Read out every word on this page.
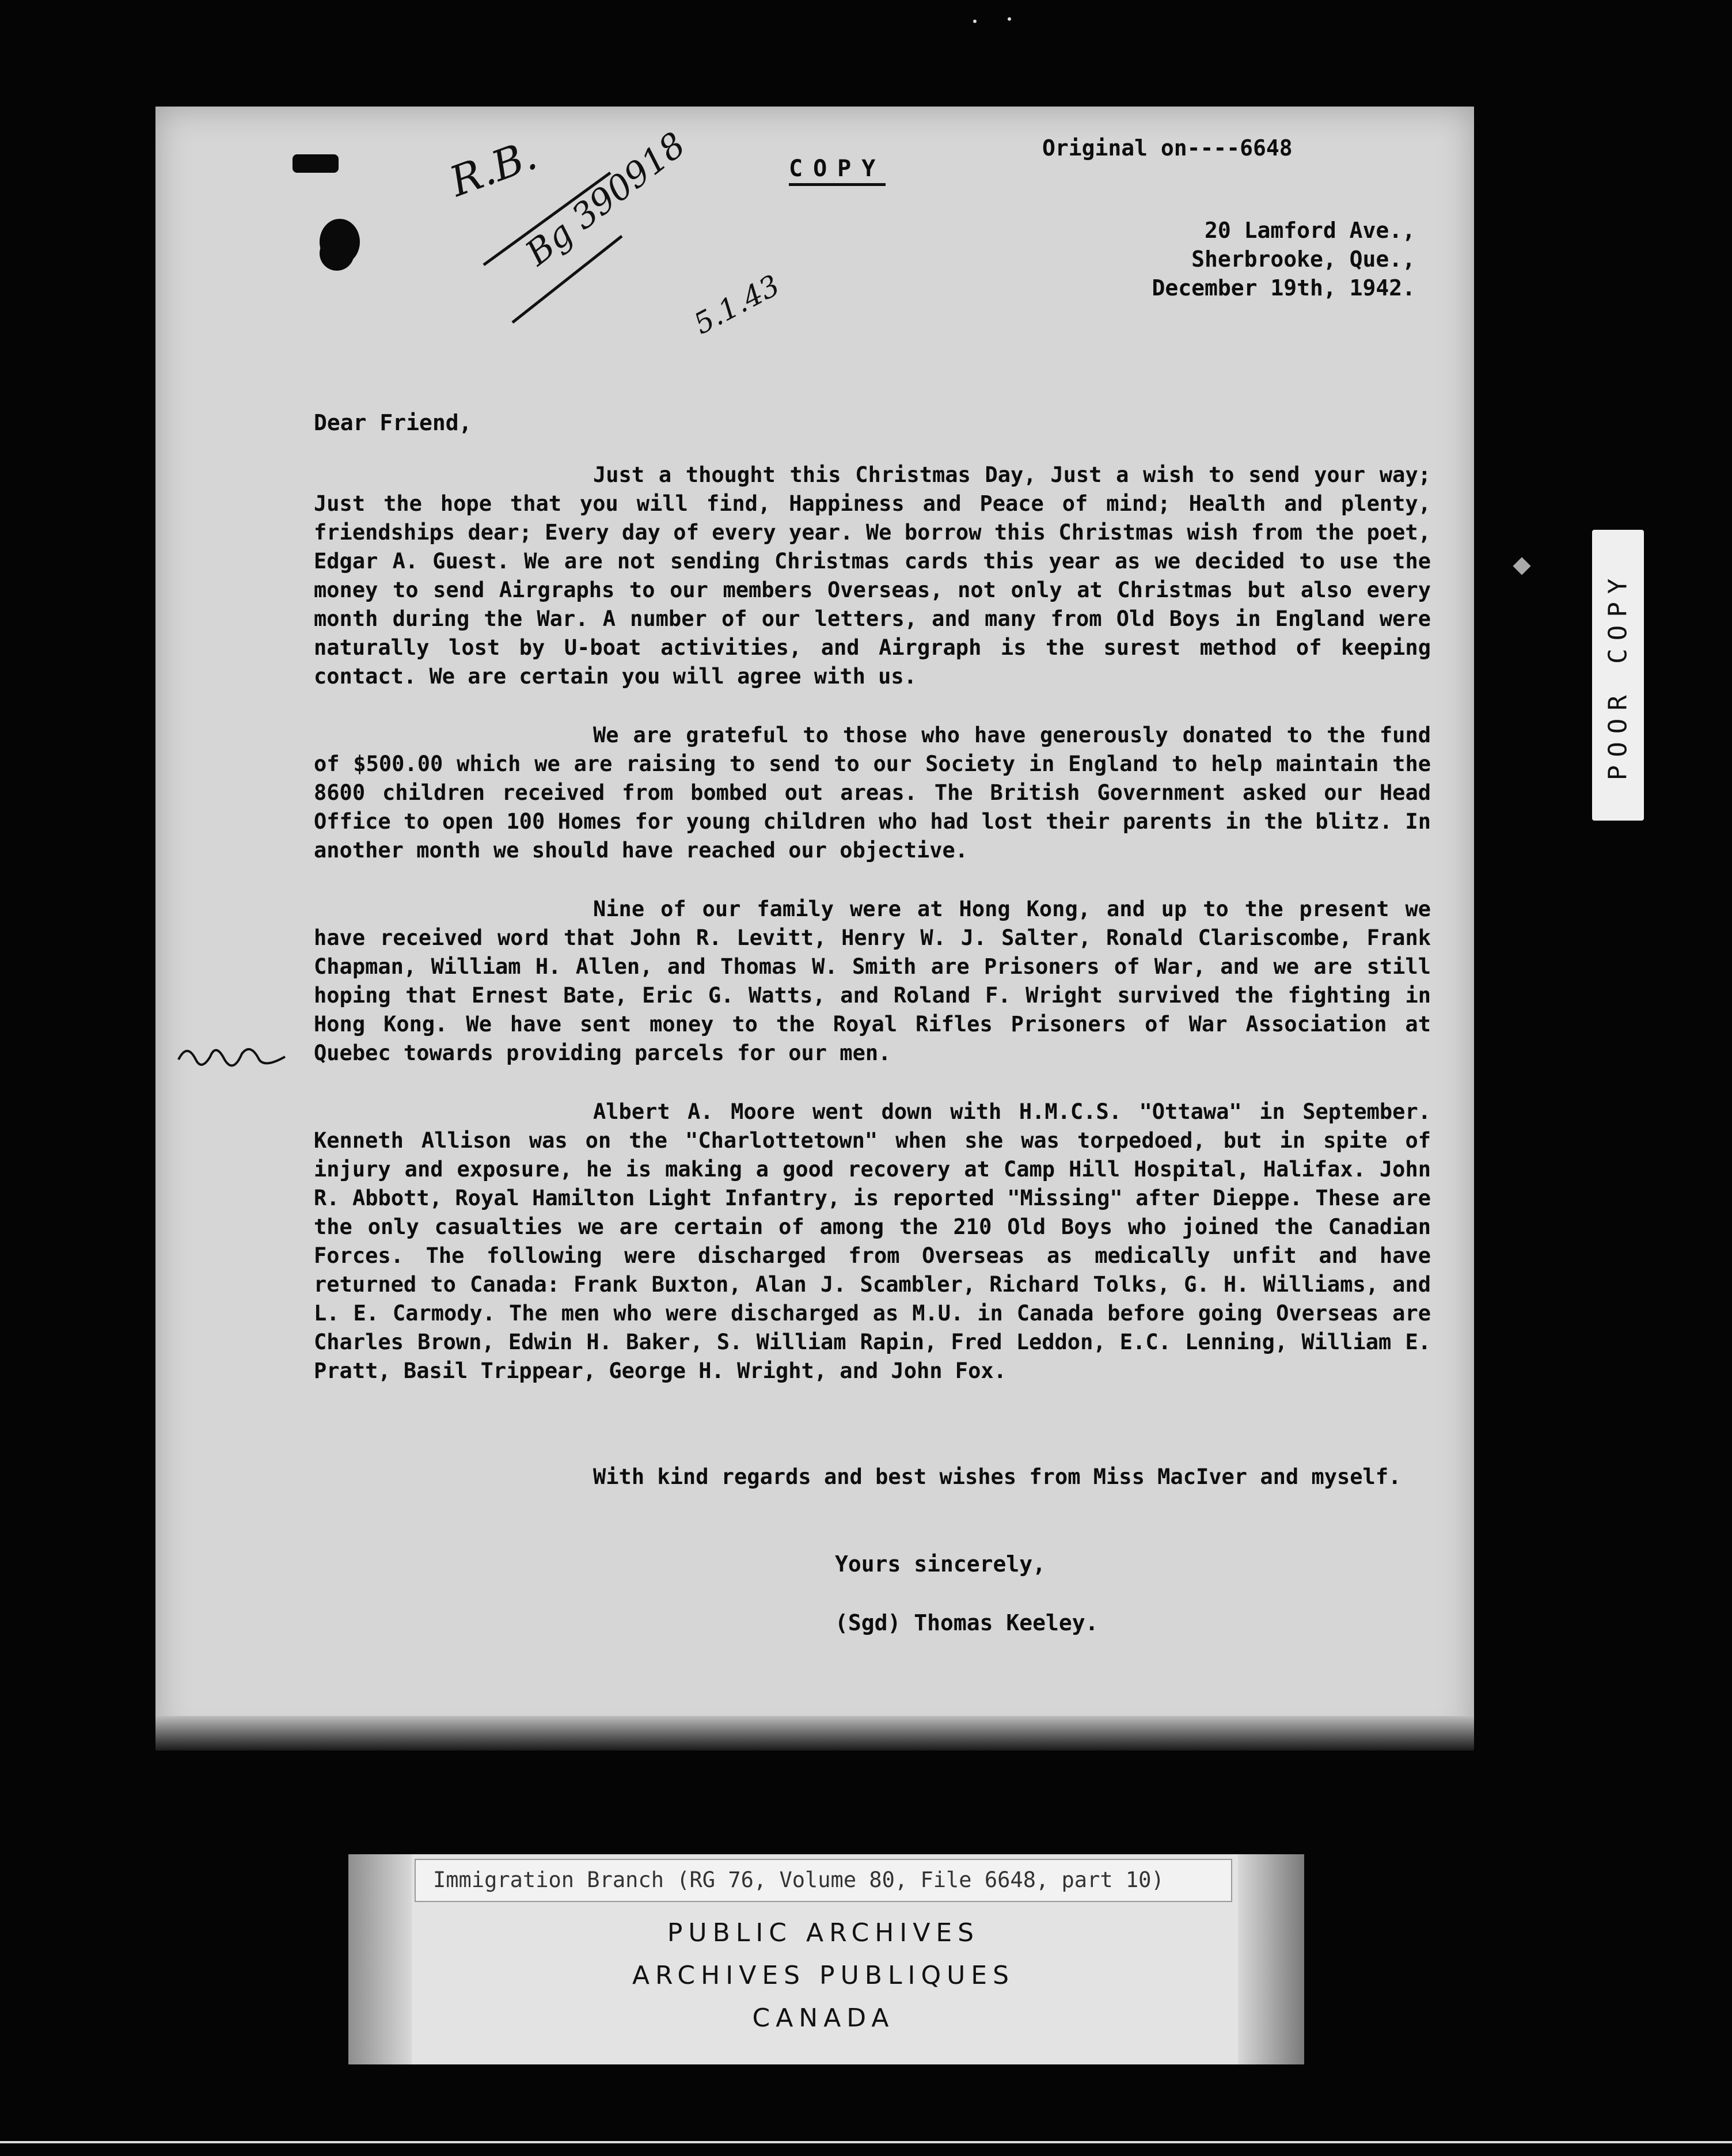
Original on----6648
COPY
20 Lamford Ave.,
Sherbrooke, Que.,
December 19th, 1942.
R.B.
Bg 390918
5.1.43
Dear Friend,

Just a thought this Christmas Day, Just a wish to send your way; Just the hope that you will find, Happiness and Peace of mind; Health and plenty, friendships dear; Every day of every year. We borrow this Christmas wish from the poet, Edgar A. Guest. We are not sending Christmas cards this year as we decided to use the money to send Airgraphs to our members Overseas, not only at Christmas but also every month during the War. A number of our letters, and many from Old Boys in England were naturally lost by U-boat activities, and Airgraph is the surest method of keeping contact. We are certain you will agree with us.

We are grateful to those who have generously donated to the fund of $500.00 which we are raising to send to our Society in England to help maintain the 8600 children received from bombed out areas. The British Government asked our Head Office to open 100 Homes for young children who had lost their parents in the blitz. In another month we should have reached our objective.

Nine of our family were at Hong Kong, and up to the present we have received word that John R. Levitt, Henry W. J. Salter, Ronald Clariscombe, Frank Chapman, William H. Allen, and Thomas W. Smith are Prisoners of War, and we are still hoping that Ernest Bate, Eric G. Watts, and Roland F. Wright survived the fighting in Hong Kong. We have sent money to the Royal Rifles Prisoners of War Association at Quebec towards providing parcels for our men.

Albert A. Moore went down with H.M.C.S. "Ottawa" in September. Kenneth Allison was on the "Charlottetown" when she was torpedoed, but in spite of injury and exposure, he is making a good recovery at Camp Hill Hospital, Halifax. John R. Abbott, Royal Hamilton Light Infantry, is reported "Missing" after Dieppe. These are the only casualties we are certain of among the 210 Old Boys who joined the Canadian Forces. The following were discharged from Overseas as medically unfit and have returned to Canada: Frank Buxton, Alan J. Scambler, Richard Tolks, G. H. Williams, and L. E. Carmody. The men who were discharged as M.U. in Canada before going Overseas are Charles Brown, Edwin H. Baker, S. William Rapin, Fred Leddon, E.C. Lenning, William E. Pratt, Basil Trippear, George H. Wright, and John Fox.

With kind regards and best wishes from Miss MacIver and myself.

Yours sincerely,
(Sgd) Thomas Keeley.
POOR COPY
Immigration Branch (RG 76, Volume 80, File 6648, part 10)
PUBLIC ARCHIVES
ARCHIVES PUBLIQUES
CANADA
